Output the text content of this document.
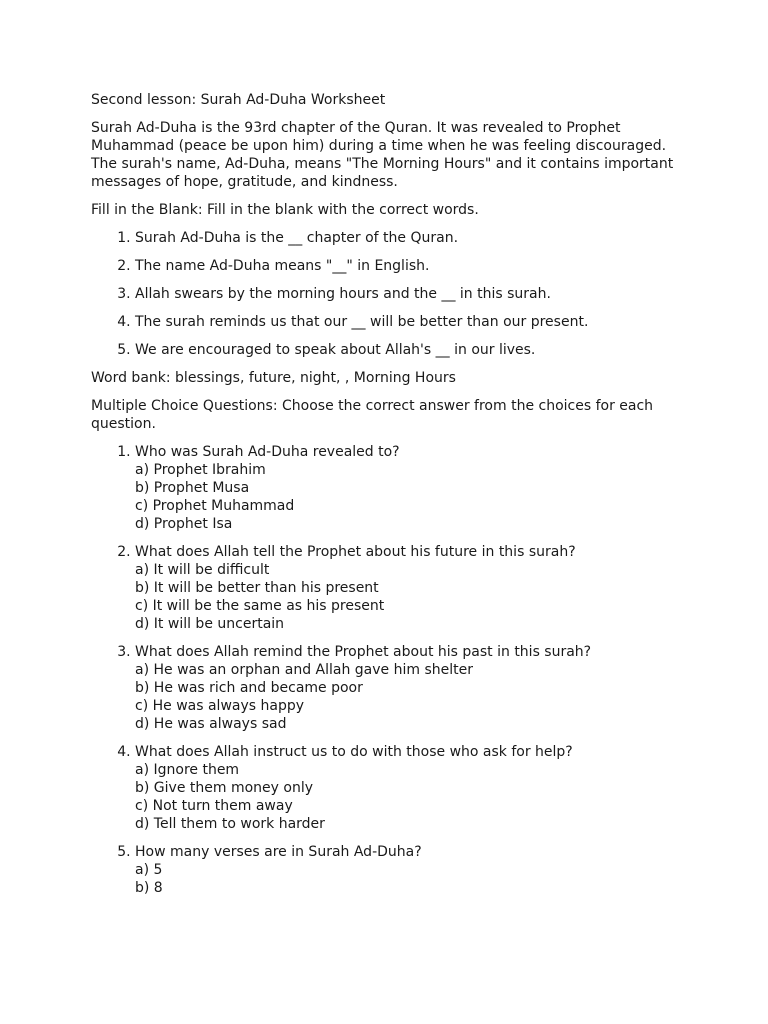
Second lesson: Surah Ad-Duha Worksheet

Surah Ad-Duha is the 93rd chapter of the Quran. It was revealed to Prophet Muhammad (peace be upon him) during a time when he was feeling discouraged. The surah's name, Ad-Duha, means "The Morning Hours" and it contains important messages of hope, gratitude, and kindness.

Fill in the Blank: Fill in the blank with the correct words.

1. Surah Ad-Duha is the __ chapter of the Quran.
2. The name Ad-Duha means "__" in English.
3. Allah swears by the morning hours and the __ in this surah.
4. The surah reminds us that our __ will be better than our present.
5. We are encouraged to speak about Allah's __ in our lives.

Word bank: blessings, future, night, , Morning Hours

Multiple Choice Questions: Choose the correct answer from the choices for each question.

1. Who was Surah Ad-Duha revealed to?
a) Prophet Ibrahim
b) Prophet Musa
c) Prophet Muhammad
d) Prophet Isa
2. What does Allah tell the Prophet about his future in this surah?
a) It will be difficult
b) It will be better than his present
c) It will be the same as his present
d) It will be uncertain
3. What does Allah remind the Prophet about his past in this surah?
a) He was an orphan and Allah gave him shelter
b) He was rich and became poor
c) He was always happy
d) He was always sad
4. What does Allah instruct us to do with those who ask for help?
a) Ignore them
b) Give them money only
c) Not turn them away
d) Tell them to work harder
5. How many verses are in Surah Ad-Duha?
a) 5
b) 8
